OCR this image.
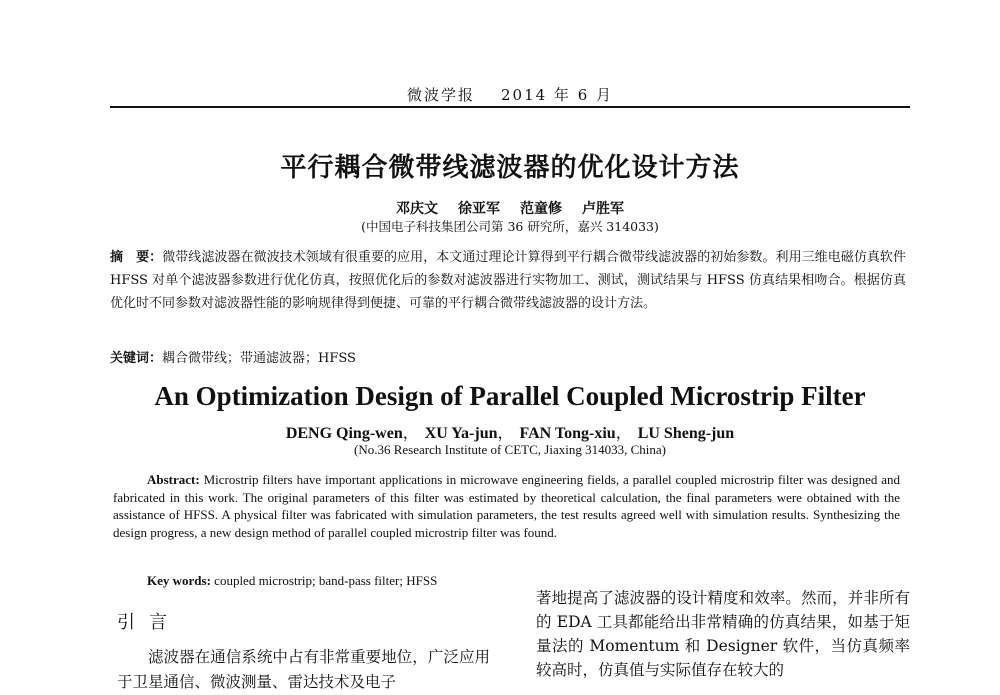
微波学报 2014 年 6 月
平行耦合微带线滤波器的优化设计方法
邓庆文 徐亚军 范童修 卢胜军
(中国电子科技集团公司第 36 研究所，嘉兴 314033)
摘　要：微带线滤波器在微波技术领域有很重要的应用，本文通过理论计算得到平行耦合微带线滤波器的初始参数。利用三维电磁仿真软件 HFSS 对单个滤波器参数进行优化仿真，按照优化后的参数对滤波器进行实物加工、测试，测试结果与 HFSS 仿真结果相吻合。根据仿真优化时不同参数对滤波器性能的影响规律得到便捷、可靠的平行耦合微带线滤波器的设计方法。
关键词：耦合微带线；带通滤波器；HFSS
An Optimization Design of Parallel Coupled Microstrip Filter
DENG Qing-wen ， XU Ya-jun ， FAN Tong-xiu ， LU Sheng-jun
(No.36 Research Institute of CETC, Jiaxing 314033, China)
Abstract: Microstrip filters have important applications in microwave engineering fields, a parallel coupled microstrip filter was designed and fabricated in this work. The original parameters of this filter was estimated by theoretical calculation, the final parameters were obtained with the assistance of HFSS. A physical filter was fabricated with simulation parameters, the test results agreed well with simulation results. Synthesizing the design progress, a new design method of parallel coupled microstrip filter was found.
Key words: coupled microstrip; band-pass filter; HFSS
引言
滤波器在通信系统中占有非常重要地位，广泛应用于卫星通信、微波测量、雷达技术及电子
著地提高了滤波器的设计精度和效率。然而，并非所有的 EDA 工具都能给出非常精确的仿真结果，如基于矩量法的 Momentum 和 Designer 软件，当仿真频率较高时，仿真值与实际值存在较大的
